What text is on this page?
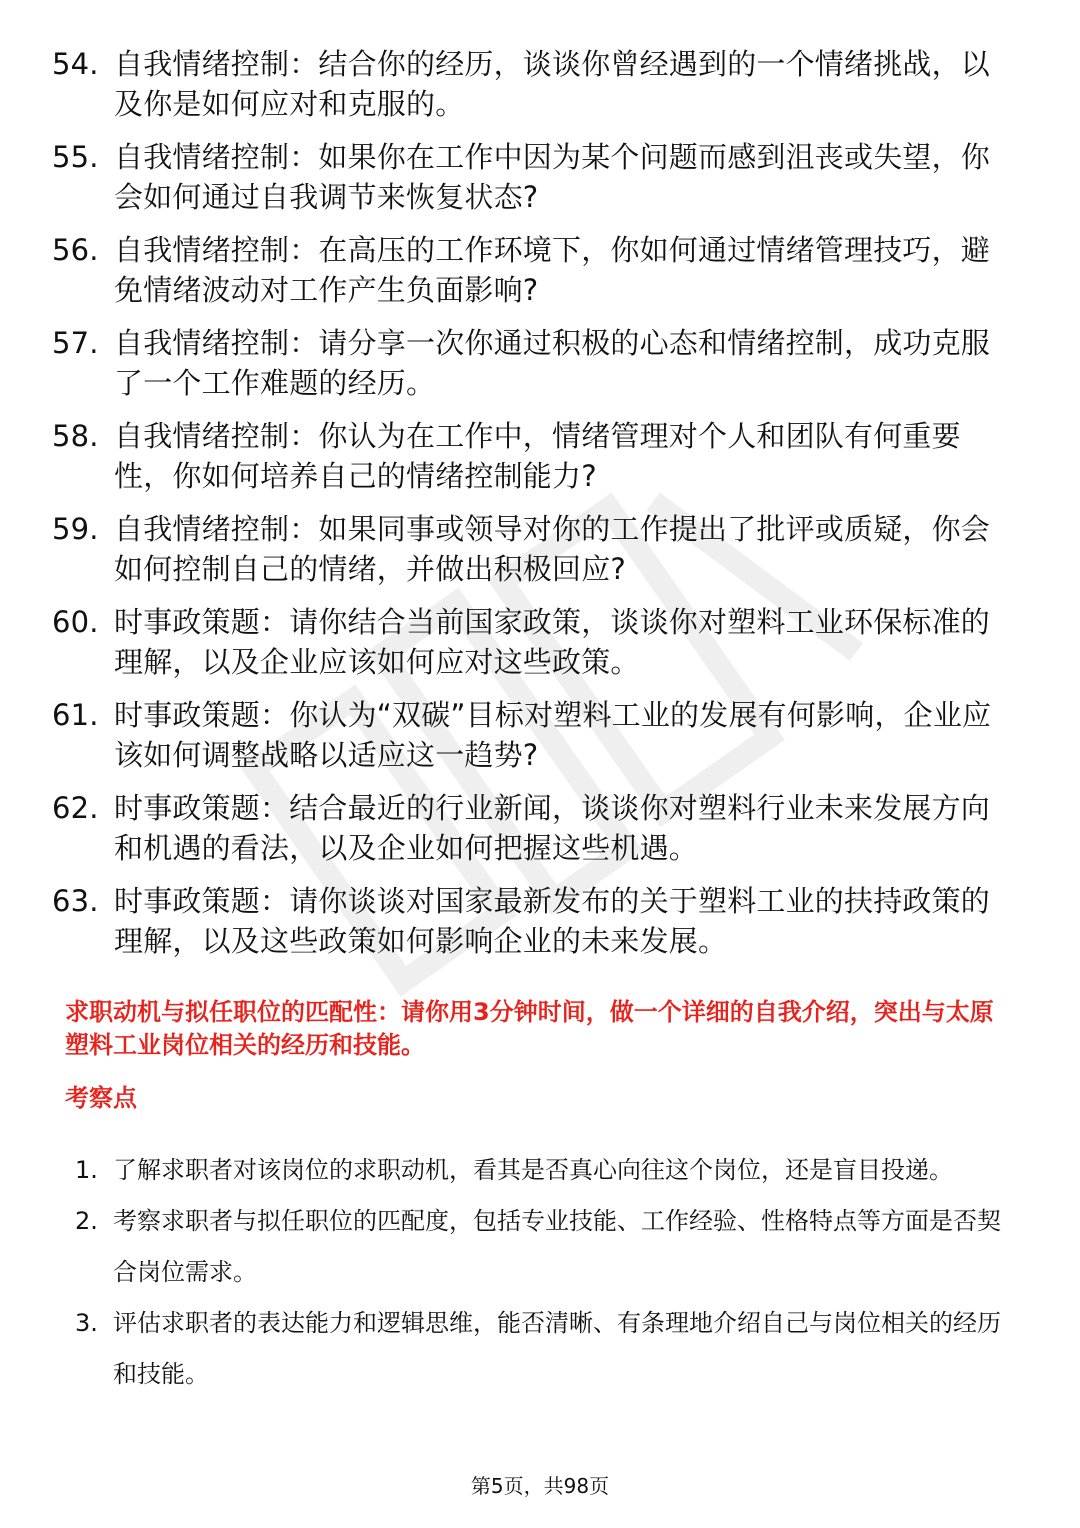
54. 自我情绪控制：结合你的经历，谈谈你曾经遇到的一个情绪挑战，以及你是如何应对和克服的。
55. 自我情绪控制：如果你在工作中因为某个问题而感到沮丧或失望，你会如何通过自我调节来恢复状态?
56. 自我情绪控制：在高压的工作环境下，你如何通过情绪管理技巧，避免情绪波动对工作产生负面影响?
57. 自我情绪控制：请分享一次你通过积极的心态和情绪控制，成功克服了一个工作难题的经历。
58. 自我情绪控制：你认为在工作中，情绪管理对个人和团队有何重要性，你如何培养自己的情绪控制能力?
59. 自我情绪控制：如果同事或领导对你的工作提出了批评或质疑，你会如何控制自己的情绪，并做出积极回应?
60. 时事政策题：请你结合当前国家政策，谈谈你对塑料工业环保标准的理解，以及企业应该如何应对这些政策。
61. 时事政策题：你认为“双碳”目标对塑料工业的发展有何影响，企业应该如何调整战略以适应这一趋势?
62. 时事政策题：结合最近的行业新闻，谈谈你对塑料行业未来发展方向和机遇的看法，以及企业如何把握这些机遇。
63. 时事政策题：请你谈谈对国家最新发布的关于塑料工业的扶持政策的理解，以及这些政策如何影响企业的未来发展。
求职动机与拟任职位的匹配性：请你用3分钟时间，做一个详细的自我介绍，突出与太原塑料工业岗位相关的经历和技能。
考察点
1. 了解求职者对该岗位的求职动机，看其是否真心向往这个岗位，还是盲目投递。
2. 考察求职者与拟任职位的匹配度，包括专业技能、工作经验、性格特点等方面是否契合岗位需求。
3. 评估求职者的表达能力和逻辑思维，能否清晰、有条理地介绍自己与岗位相关的经历和技能。
第5页，共98页
